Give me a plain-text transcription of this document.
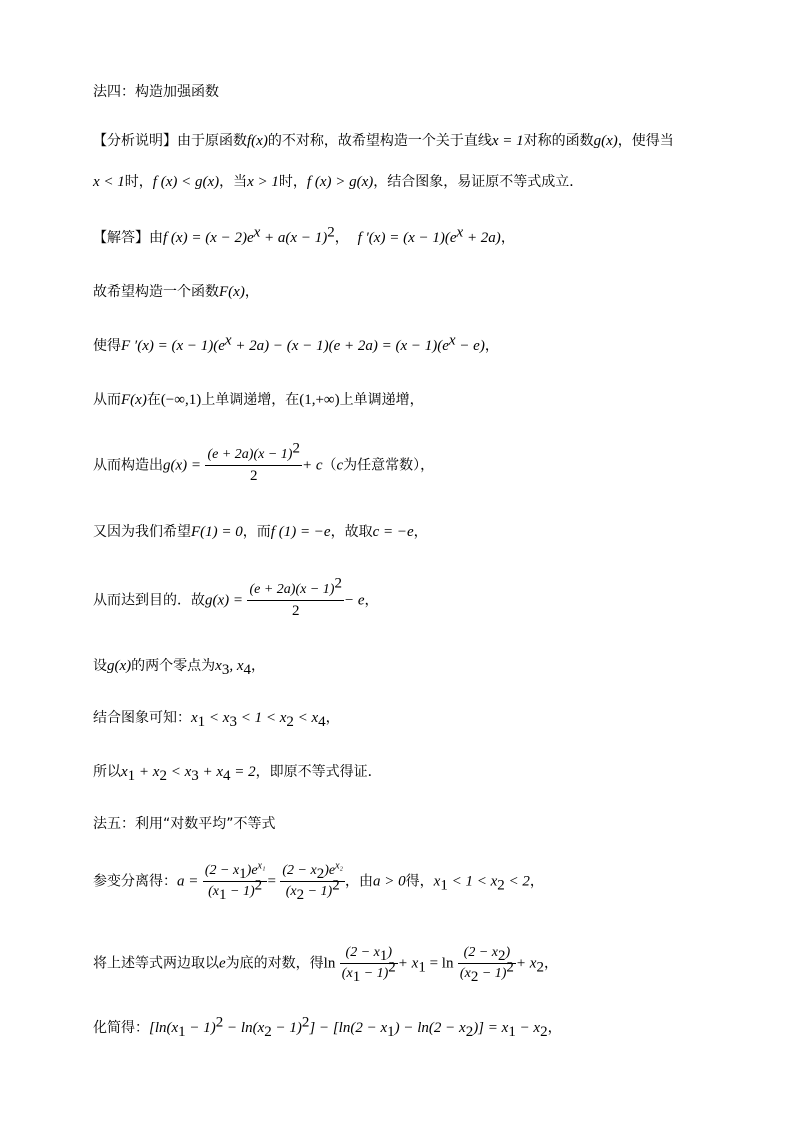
法四：构造加强函数
【分析说明】由于原函数f(x)的不对称，故希望构造一个关于直线x = 1对称的函数g(x)，使得当
x < 1时，f (x) < g(x)，当x > 1时，f (x) > g(x)，结合图象，易证原不等式成立．
【解答】由f $(x) = (x - 2)e^x + a(x - 1)^2$， f $'(x) = (x - 1)(e^x + 2a)$，
故希望构造一个函数F(x)，
使得F $'(x) = (x - 1)(e^x + 2a) - (x - 1)(e + 2a) = (x - 1)(e^x - e)$，
从而F(x)在(−∞,1)上单调递增，在(1,+∞)上单调递增，
从而构造出$g(x) = \frac{(e + 2a)(x - 1)^2}{2} + c(c$为任意常数），
又因为我们希望F(1) = 0，而f (1) = −e，故取c = −e，
从而达到目的．故$g(x) = \frac{(e + 2a)(x - 1)^2}{2} - e$，
设g(x)的两个零点为$x_3$, $x_4$，
结合图象可知：$x_1 < x_3 < 1 < x_2 < x_4$，
所以$x_1 + x_2 < x_3 + x_4 = 2$，即原不等式得证．
法五：利用“对数平均”不等式
参变分离得：$a = \frac{(2 - x_1)e^{x_1}}{(x_1 - 1)^2} = \frac{(2 - x_2)e^{x_2}}{(x_2 - 1)^2}$ ，由a > 0得，$x_1 < 1 < x_2 < 2$，
将上述等式两边取以e为底的对数，得$\ln \frac{(2 - x_1)}{(x_1 - 1)^2} + x_1 = \ln \frac{(2 - x_2)}{(x_2 - 1)^2} + x_2$，
化简得：$[\ln(x_1 - 1)^2 - \ln(x_2 - 1)^2] - [\ln(2 - x_1) - \ln(2 - x_2)] = x_1 - x_2$，
